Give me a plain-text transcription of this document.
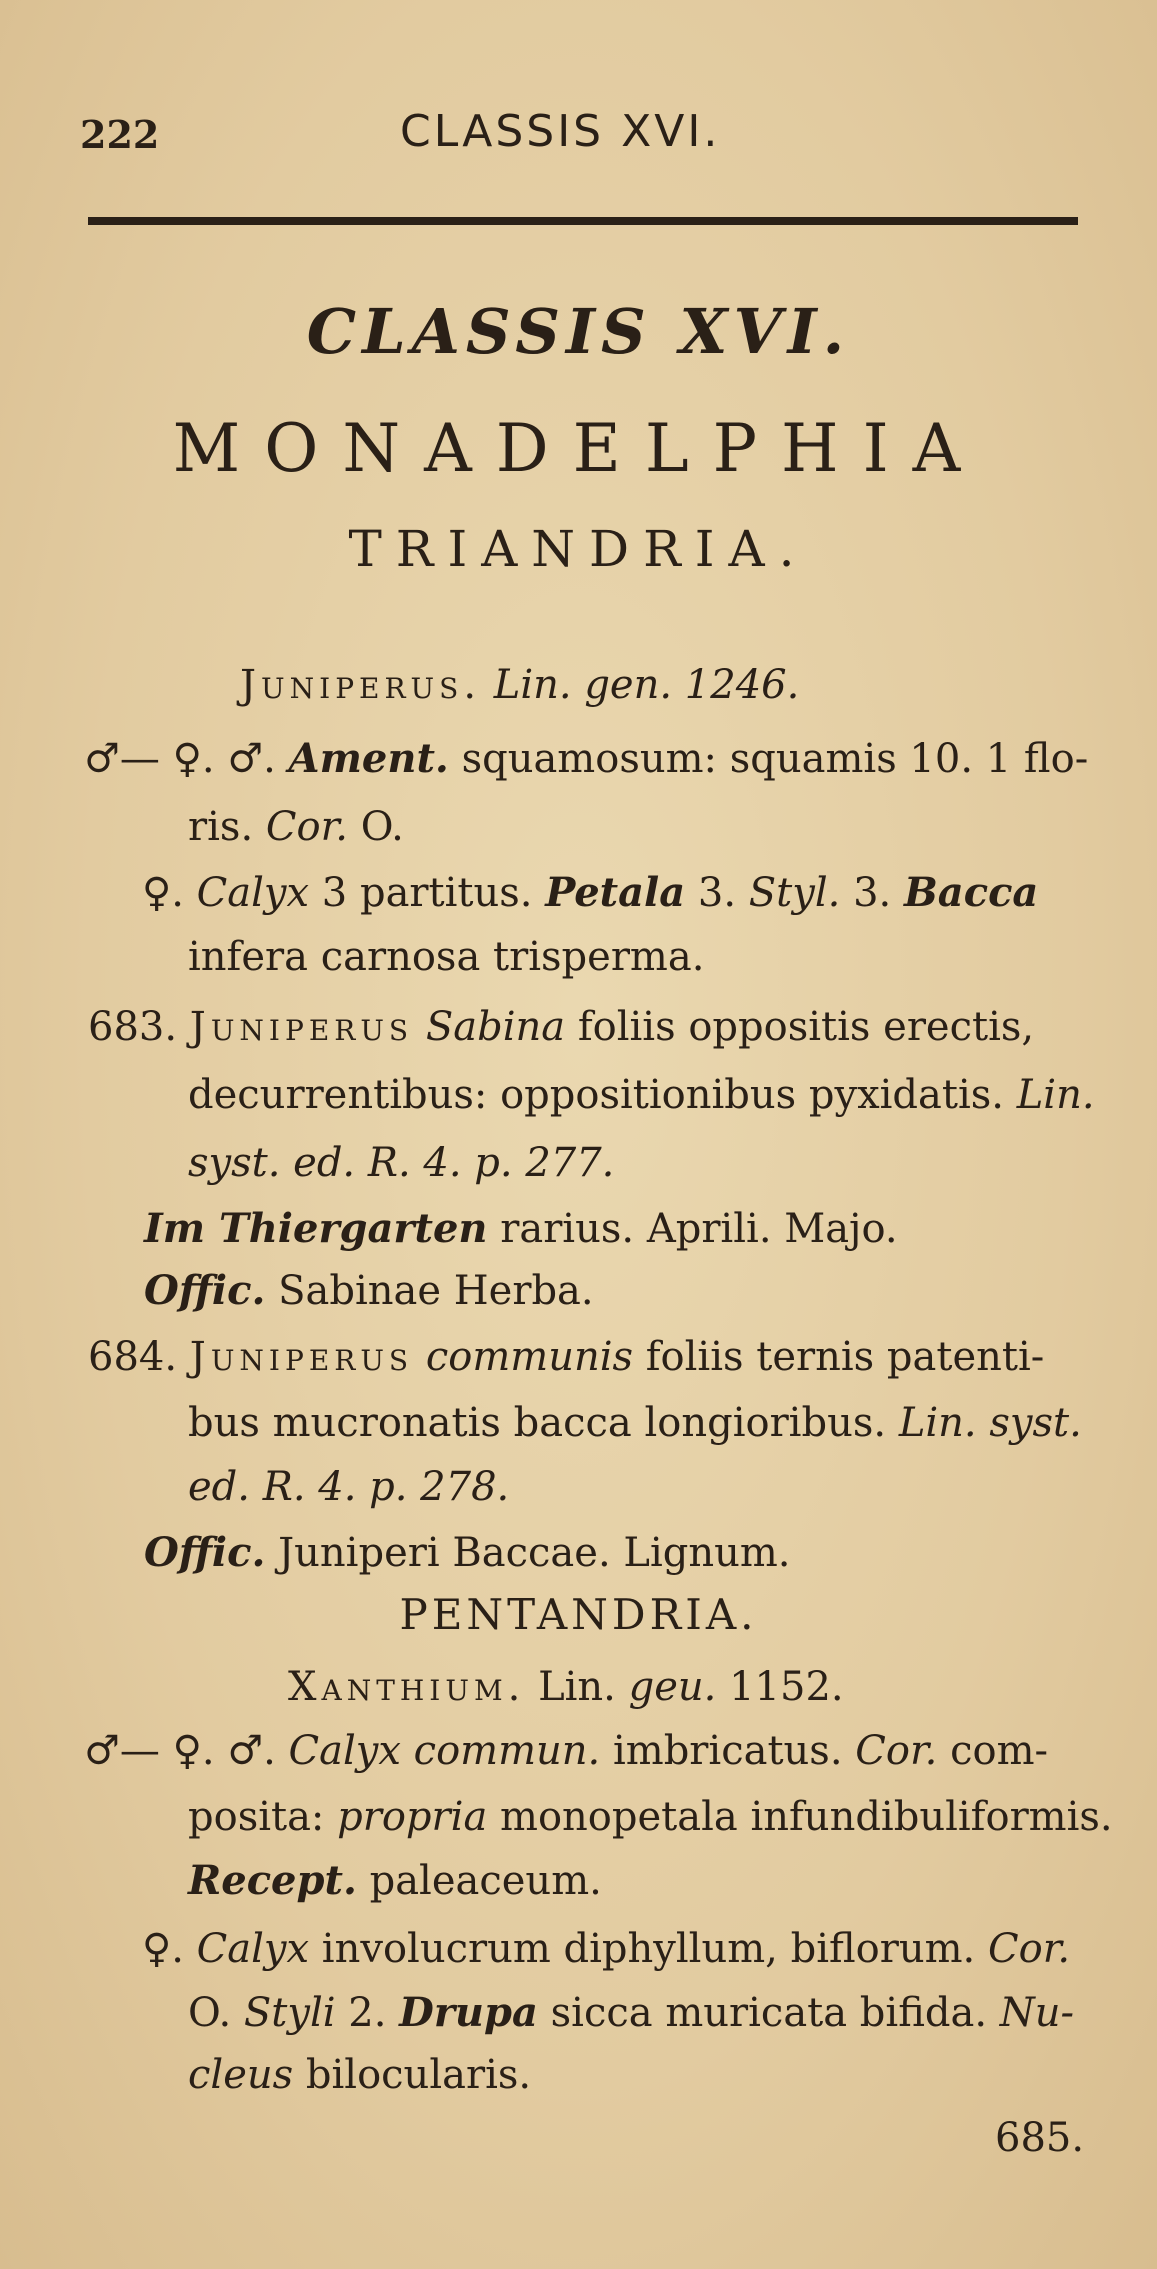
222	CLASSIS XVI.
CLASSIS XVI.
MONADELPHIA
TRIANDRIA.
Juniperus. Lin. gen. 1246.
♂— ♀. ♂. Ament. squamosum: squamis 10. 1 flo-
ris. Cor. O.
♀. Calyx 3 partitus. Petala 3. Styl. 3. Bacca
infera carnosa trisperma.
683. Juniperus Sabina foliis oppositis erectis,
decurrentibus: oppositionibus pyxidatis. Lin.
syst. ed. R. 4. p. 277.
Im Thiergarten rarius. Aprili. Majo.
Offic. Sabinae Herba.
684. Juniperus communis foliis ternis patenti-
bus mucronatis bacca longioribus. Lin. syst.
ed. R. 4. p. 278.
Offic. Juniperi Baccae. Lignum.
PENTANDRIA.
Xanthium. Lin. geu. 1152.
♂— ♀. ♂. Calyx commun. imbricatus. Cor. com-
posita: propria monopetala infundibuliformis.
Recept. paleaceum.
♀. Calyx involucrum diphyllum, biflorum. Cor.
O. Styli 2. Drupa sicca muricata bifida. Nu-
cleus bilocularis.
685.
